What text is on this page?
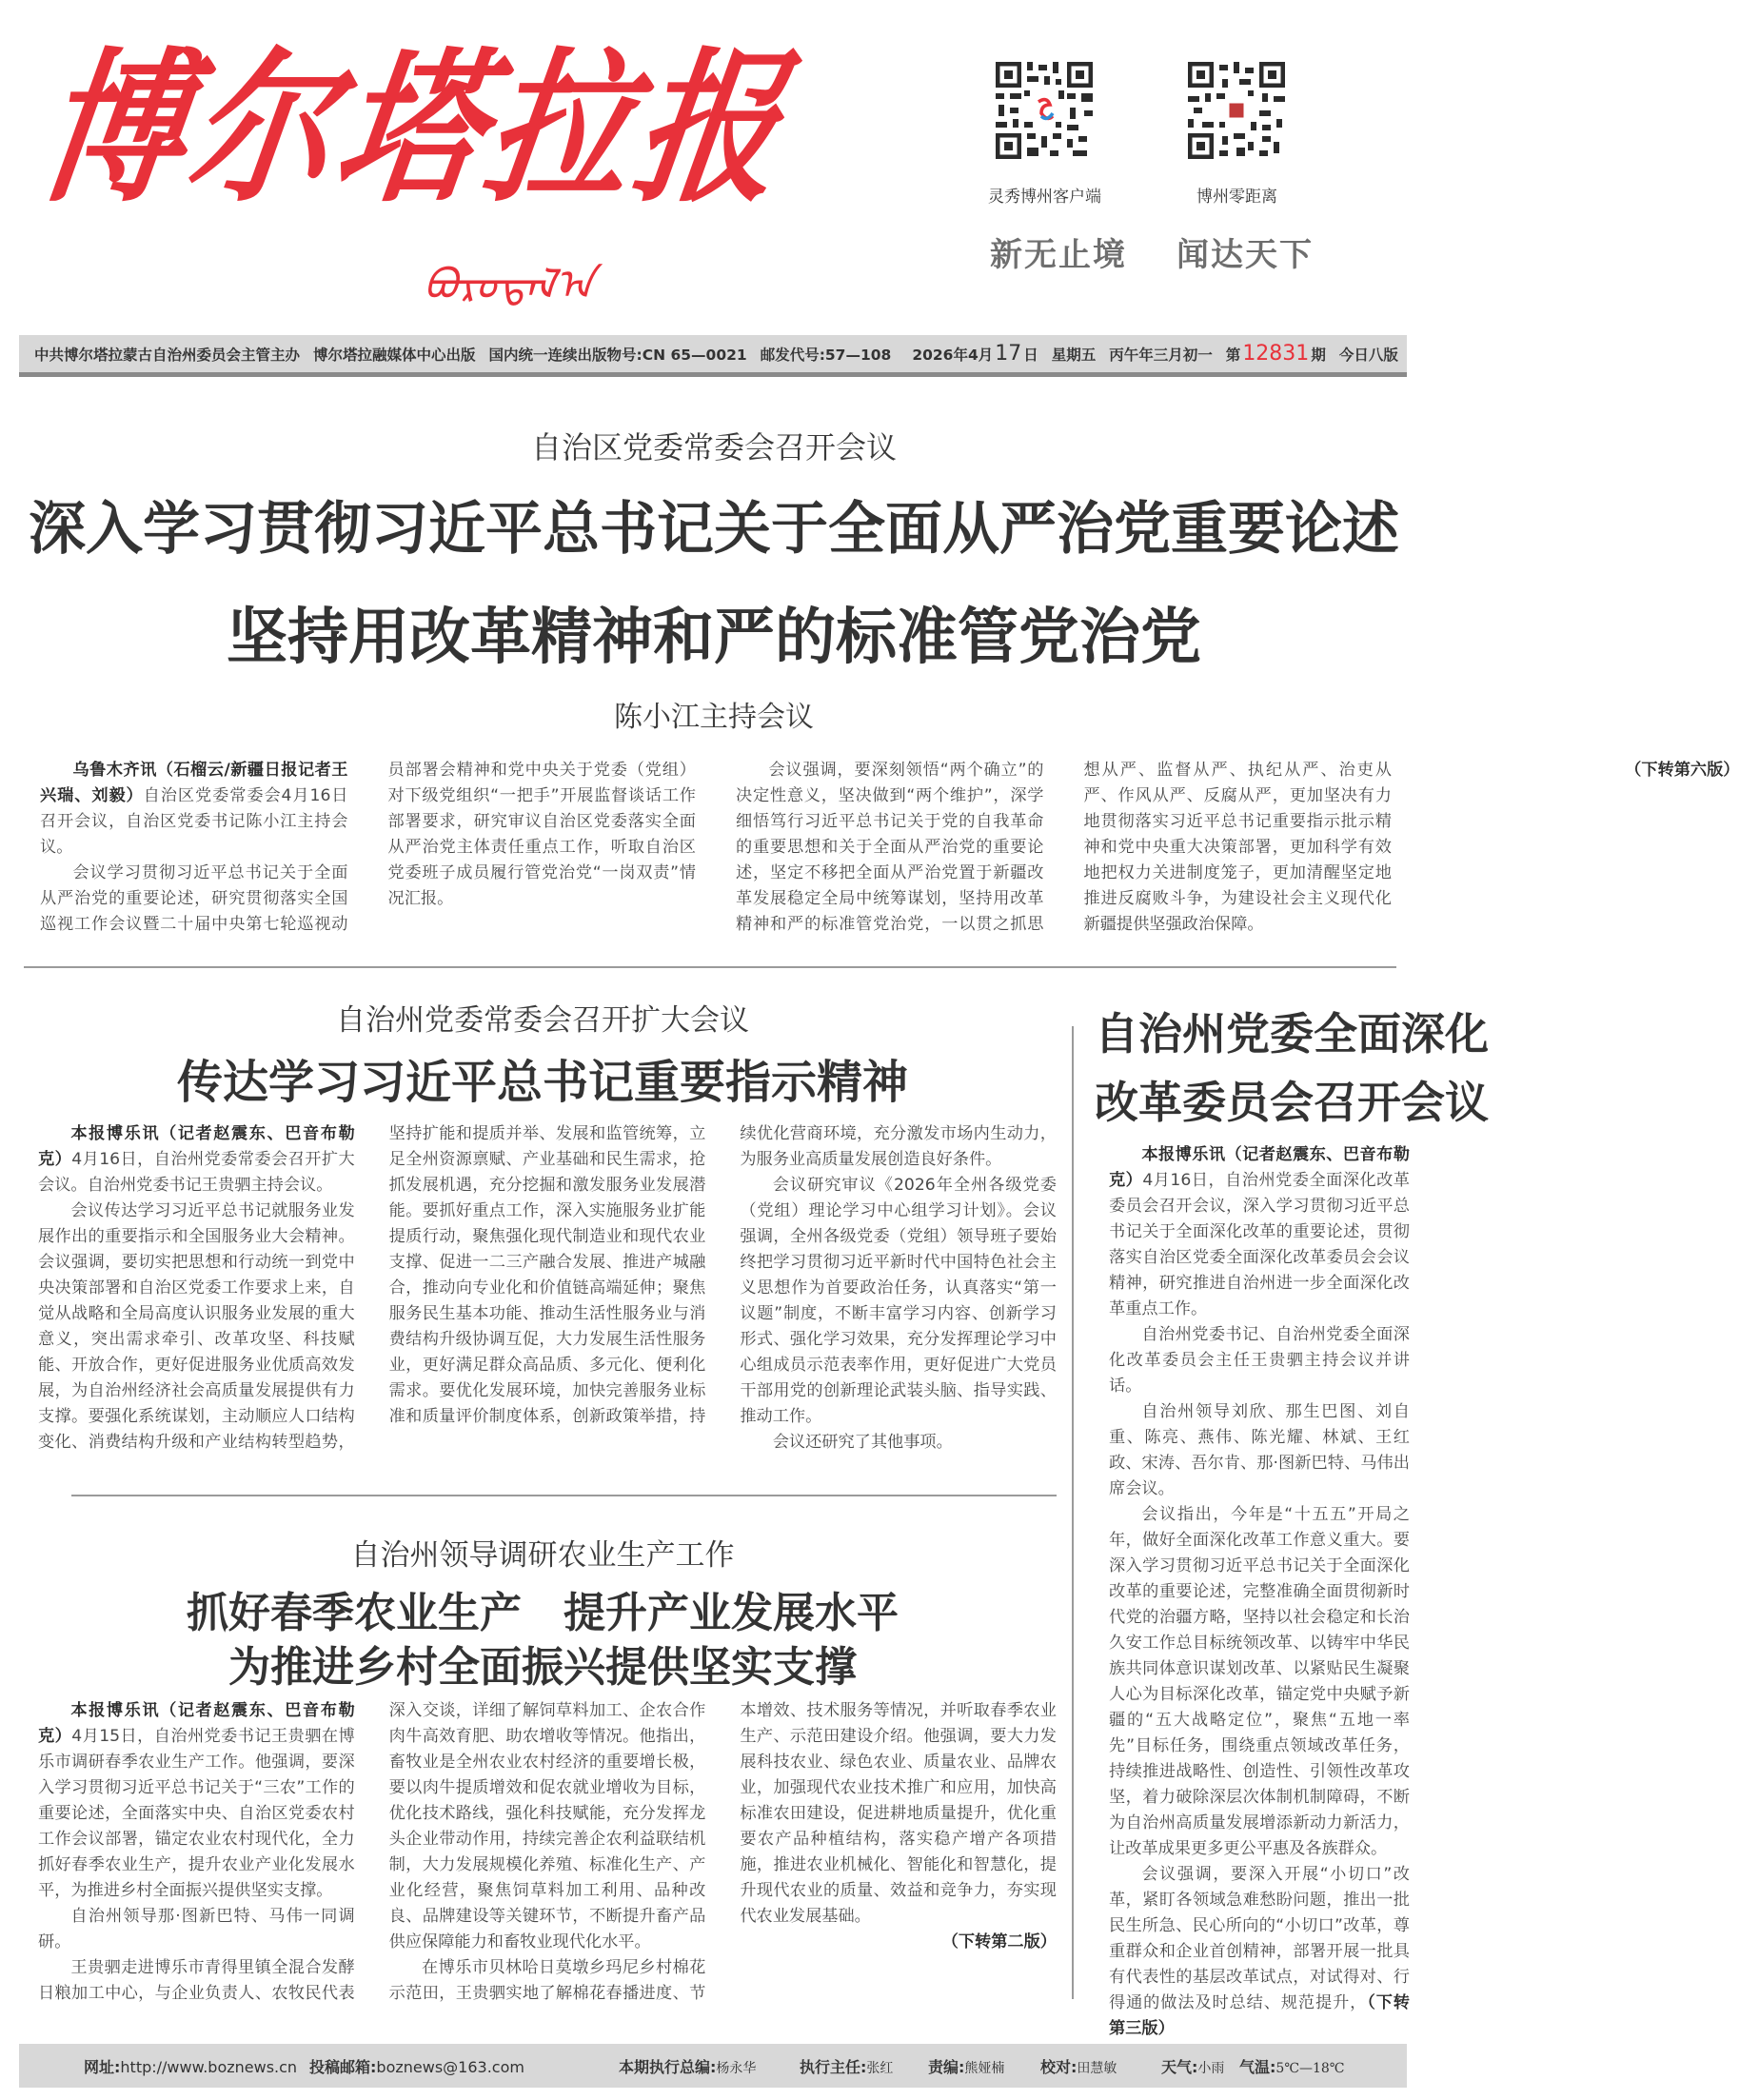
博尔塔拉报
ᠪᠣᠷᠣᠲᠠᠯ᠎ᠠ
灵秀博州客户端	博州零距离
新无止境 闻达天下
中共博尔塔拉蒙古自治州委员会主管主办 博尔塔拉融媒体中心出版 国内统一连续出版物号:CN 65—0021 邮发代号:57—108 2026年4月17 日 星期五 丙午年三月初一 第12831 期 今日八版
自治区党委常委会召开会议
深入学习贯彻习近平总书记关于全面从严治党重要论述
坚持用改革精神和严的标准管党治党
陈小江主持会议

乌鲁木齐讯（石榴云/新疆日报记者王兴瑞、刘毅）自治区党委常委会4月16日召开会议，自治区党委书记陈小江主持会议。

会议学习贯彻习近平总书记关于全面从严治党的重要论述，研究贯彻落实全国巡视工作会议暨二十届中央第七轮巡视动员部署会精神和党中央关于党委（党组）对下级党组织“一把手”开展监督谈话工作部署要求，研究审议自治区党委落实全面从严治党主体责任重点工作，听取自治区党委班子成员履行管党治党“一岗双责”情况汇报。

会议强调，要深刻领悟“两个确立”的决定性意义，坚决做到“两个维护”，深学细悟笃行习近平总书记关于党的自我革命的重要思想和关于全面从严治党的重要论述，坚定不移把全面从严治党置于新疆改革发展稳定全局中统筹谋划，坚持用改革精神和严的标准管党治党，一以贯之抓思想从严、监督从严、执纪从严、治吏从严、作风从严、反腐从严，更加坚决有力地贯彻落实习近平总书记重要指示批示精神和党中央重大决策部署，更加科学有效地把权力关进制度笼子，更加清醒坚定地推进反腐败斗争，为建设社会主义现代化新疆提供坚强政治保障。

（下转第六版）

自治州党委常委会召开扩大会议
传达学习习近平总书记重要指示精神

本报博乐讯（记者赵震东、巴音布勒克）4月16日，自治州党委常委会召开扩大会议。自治州党委书记王贵驷主持会议。

会议传达学习习近平总书记就服务业发展作出的重要指示和全国服务业大会精神。会议强调，要切实把思想和行动统一到党中央决策部署和自治区党委工作要求上来，自觉从战略和全局高度认识服务业发展的重大意义，突出需求牵引、改革攻坚、科技赋能、开放合作，更好促进服务业优质高效发展，为自治州经济社会高质量发展提供有力支撑。要强化系统谋划，主动顺应人口结构变化、消费结构升级和产业结构转型趋势，坚持扩能和提质并举、发展和监管统筹，立足全州资源禀赋、产业基础和民生需求，抢抓发展机遇，充分挖掘和激发服务业发展潜能。要抓好重点工作，深入实施服务业扩能提质行动，聚焦强化现代制造业和现代农业支撑、促进一二三产融合发展、推进产城融合，推动向专业化和价值链高端延伸；聚焦服务民生基本功能、推动生活性服务业与消费结构升级协调互促，大力发展生活性服务业，更好满足群众高品质、多元化、便利化需求。要优化发展环境，加快完善服务业标准和质量评价制度体系，创新政策举措，持续优化营商环境，充分激发市场内生动力，为服务业高质量发展创造良好条件。

会议研究审议《2026年全州各级党委（党组）理论学习中心组学习计划》。会议强调，全州各级党委（党组）领导班子要始终把学习贯彻习近平新时代中国特色社会主义思想作为首要政治任务，认真落实“第一议题”制度，不断丰富学习内容、创新学习形式、强化学习效果，充分发挥理论学习中心组成员示范表率作用，更好促进广大党员干部用党的创新理论武装头脑、指导实践、推动工作。

会议还研究了其他事项。

自治州党委全面深化
改革委员会召开会议

本报博乐讯（记者赵震东、巴音布勒克）4月16日，自治州党委全面深化改革委员会召开会议，深入学习贯彻习近平总书记关于全面深化改革的重要论述，贯彻落实自治区党委全面深化改革委员会会议精神，研究推进自治州进一步全面深化改革重点工作。

自治州党委书记、自治州党委全面深化改革委员会主任王贵驷主持会议并讲话。

自治州领导刘欣、那生巴图、刘自重、陈亮、燕伟、陈光耀、林斌、王红政、宋涛、吾尔肯、那·图新巴特、马伟出席会议。

会议指出，今年是“十五五”开局之年，做好全面深化改革工作意义重大。要深入学习贯彻习近平总书记关于全面深化改革的重要论述，完整准确全面贯彻新时代党的治疆方略，坚持以社会稳定和长治久安工作总目标统领改革、以铸牢中华民族共同体意识谋划改革、以紧贴民生凝聚人心为目标深化改革，锚定党中央赋予新疆的“五大战略定位”，聚焦“五地一率先”目标任务，围绕重点领域改革任务，持续推进战略性、创造性、引领性改革攻坚，着力破除深层次体制机制障碍，不断为自治州高质量发展增添新动力新活力，让改革成果更多更公平惠及各族群众。

会议强调，要深入开展“小切口”改革，紧盯各领域急难愁盼问题，推出一批民生所急、民心所向的“小切口”改革，尊重群众和企业首创精神，部署开展一批具有代表性的基层改革试点，对试得对、行得通的做法及时总结、规范提升，（下转第三版）

自治州领导调研农业生产工作
抓好春季农业生产　提升产业发展水平
为推进乡村全面振兴提供坚实支撑

本报博乐讯（记者赵震东、巴音布勒克）4月15日，自治州党委书记王贵驷在博乐市调研春季农业生产工作。他强调，要深入学习贯彻习近平总书记关于“三农”工作的重要论述，全面落实中央、自治区党委农村工作会议部署，锚定农业农村现代化，全力抓好春季农业生产，提升农业产业化发展水平，为推进乡村全面振兴提供坚实支撑。

自治州领导那·图新巴特、马伟一同调研。

王贵驷走进博乐市青得里镇全混合发酵日粮加工中心，与企业负责人、农牧民代表深入交谈，详细了解饲草料加工、企农合作肉牛高效育肥、助农增收等情况。他指出，畜牧业是全州农业农村经济的重要增长极，要以肉牛提质增效和促农就业增收为目标，优化技术路线，强化科技赋能，充分发挥龙头企业带动作用，持续完善企农利益联结机制，大力发展规模化养殖、标准化生产、产业化经营，聚焦饲草料加工利用、品种改良、品牌建设等关键环节，不断提升畜产品供应保障能力和畜牧业现代化水平。

在博乐市贝林哈日莫墩乡玛尼乡村棉花示范田，王贵驷实地了解棉花春播进度、节本增效、技术服务等情况，并听取春季农业生产、示范田建设介绍。他强调，要大力发展科技农业、绿色农业、质量农业、品牌农业，加强现代农业技术推广和应用，加快高标准农田建设，促进耕地质量提升，优化重要农产品种植结构，落实稳产增产各项措施，推进农业机械化、智能化和智慧化，提升现代农业的质量、效益和竞争力，夯实现代农业发展基础。

（下转第二版）

网址:http://www.boznews.cn 投稿邮箱:boznews@163.com	本期执行总编:杨永华	执行主任:张红 责编:熊娅楠 校对:田慧敏	天气:小雨 气温:5℃—18℃
